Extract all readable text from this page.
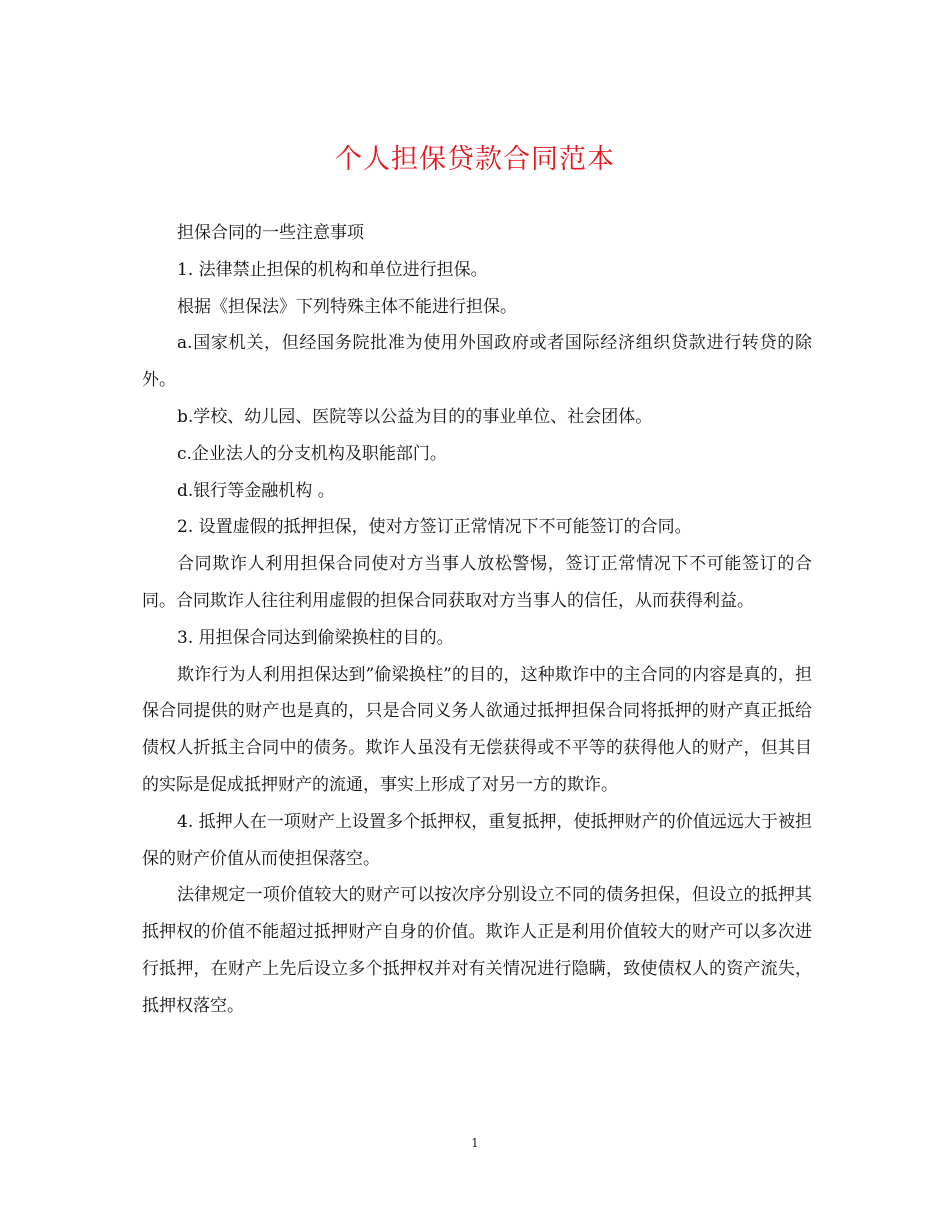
个人担保贷款合同范本

担保合同的一些注意事项

1. 法律禁止担保的机构和单位进行担保。

根据《担保法》下列特殊主体不能进行担保。

a.国家机关，但经国务院批准为使用外国政府或者国际经济组织贷款进行转贷的除外。

b.学校、幼儿园、医院等以公益为目的的事业单位、社会团体。

c.企业法人的分支机构及职能部门。

d.银行等金融机构 。

2. 设置虚假的抵押担保，使对方签订正常情况下不可能签订的合同。

合同欺诈人利用担保合同使对方当事人放松警惕，签订正常情况下不可能签订的合同。合同欺诈人往往利用虚假的担保合同获取对方当事人的信任，从而获得利益。

3. 用担保合同达到偷梁换柱的目的。

欺诈行为人利用担保达到”偷梁换柱”的目的，这种欺诈中的主合同的内容是真的，担保合同提供的财产也是真的，只是合同义务人欲通过抵押担保合同将抵押的财产真正抵给债权人折抵主合同中的债务。欺诈人虽没有无偿获得或不平等的获得他人的财产，但其目的实际是促成抵押财产的流通，事实上形成了对另一方的欺诈。

4. 抵押人在一项财产上设置多个抵押权，重复抵押，使抵押财产的价值远远大于被担保的财产价值从而使担保落空。

法律规定一项价值较大的财产可以按次序分别设立不同的债务担保，但设立的抵押其抵押权的价值不能超过抵押财产自身的价值。欺诈人正是利用价值较大的财产可以多次进行抵押，在财产上先后设立多个抵押权并对有关情况进行隐瞒，致使债权人的资产流失，抵押权落空。

1
